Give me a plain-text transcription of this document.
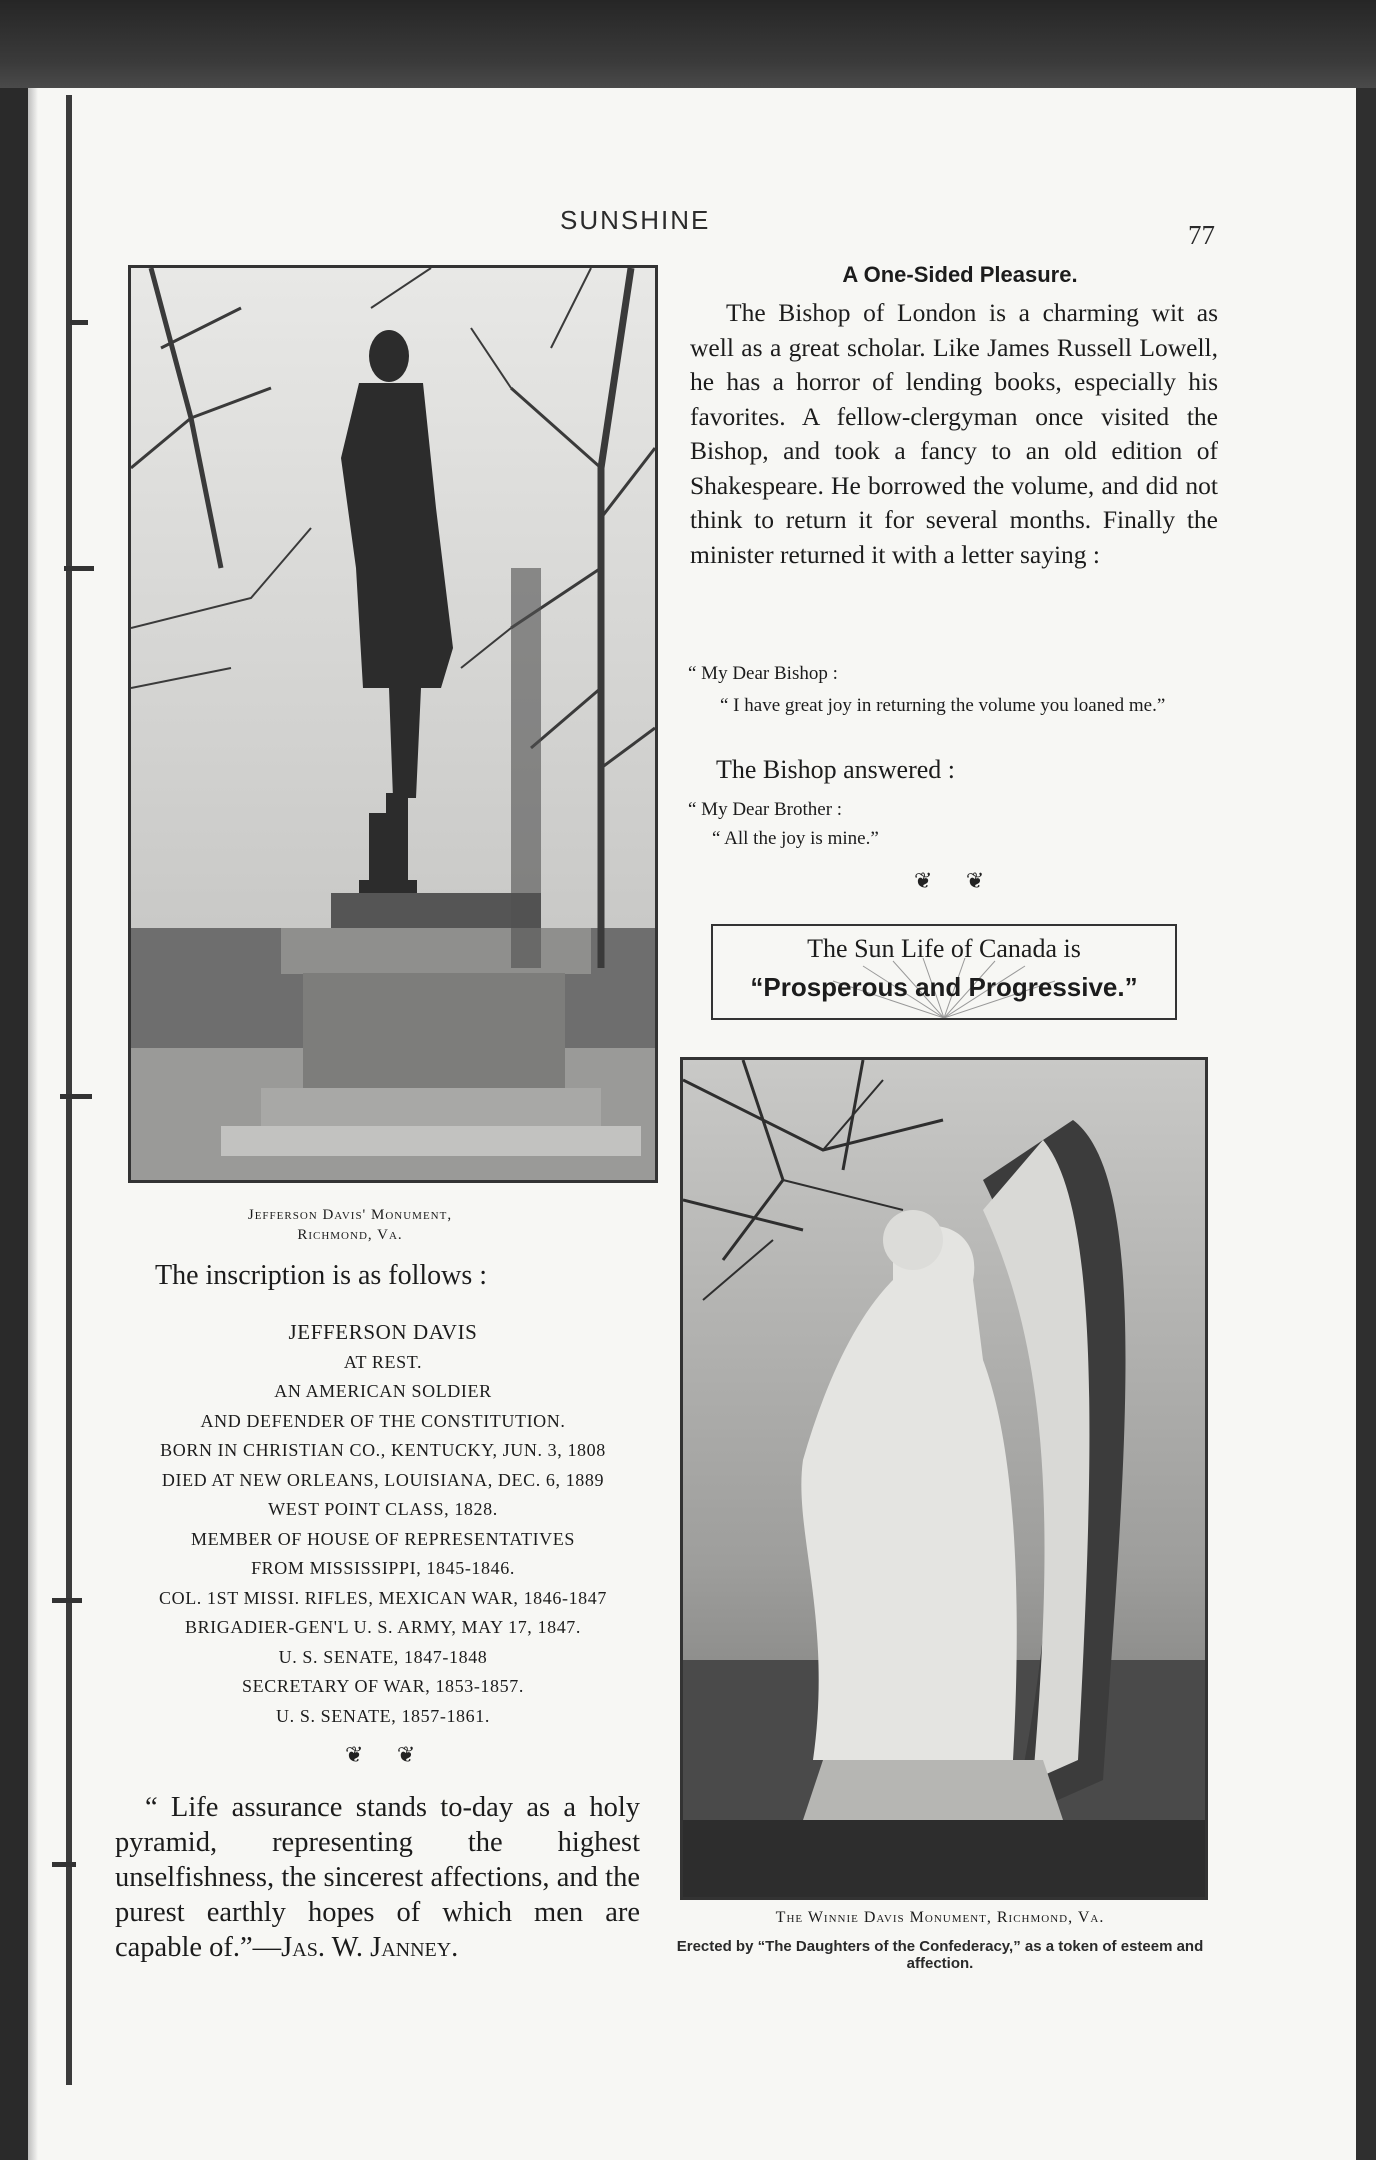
SUNSHINE	77
Jefferson Davis' Monument,
Richmond, Va.
The inscription is as follows :
JEFFERSON DAVIS
AT REST.
AN AMERICAN SOLDIER
AND DEFENDER OF THE CONSTITUTION.
BORN IN CHRISTIAN CO., KENTUCKY, JUN. 3, 1808
DIED AT NEW ORLEANS, LOUISIANA, DEC. 6, 1889
WEST POINT CLASS, 1828.
MEMBER OF HOUSE OF REPRESENTATIVES
FROM MISSISSIPPI, 1845-1846.
COL. 1ST MISSI. RIFLES, MEXICAN WAR, 1846-1847
BRIGADIER-GEN'L U. S. ARMY, MAY 17, 1847.
U. S. SENATE, 1847-1848
SECRETARY OF WAR, 1853-1857.
U. S. SENATE, 1857-1861.
❦ ❦
“ Life assurance stands to-day as a holy pyramid, representing the highest unselfishness, the sincerest affections, and the purest earthly hopes of which men are capable of.”—Jas. W. Janney.
A One-Sided Pleasure.
The Bishop of London is a charming wit as well as a great scholar. Like James Russell Lowell, he has a horror of lending books, especially his favorites. A fellow-clergyman once visited the Bishop, and took a fancy to an old edition of Shakespeare. He borrowed the volume, and did not think to return it for several months. Finally the minister returned it with a letter saying :
“ My Dear Bishop :
“ I have great joy in returning the volume you loaned me.”
The Bishop answered :
“ My Dear Brother :
“ All the joy is mine.”
❦ ❦
The Sun Life of Canada is
“Prosperous and Progressive.”
The Winnie Davis Monument, Richmond, Va.
Erected by “The Daughters of the Confederacy,” as a token of esteem and affection.
